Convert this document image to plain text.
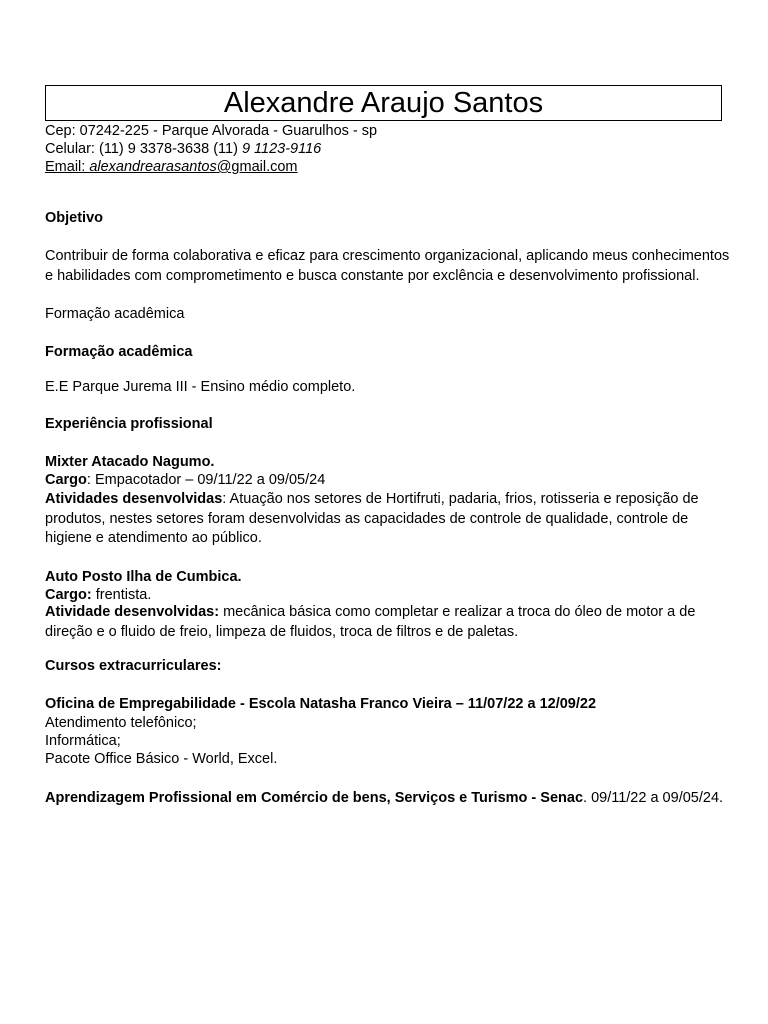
Alexandre Araujo Santos
Cep: 07242-225 - Parque Alvorada - Guarulhos - sp
Celular: (11) 9 3378-3638 (11) 9 1123-9116
Email: alexandrearasantos@gmail.com
Objetivo
Contribuir de forma colaborativa e eficaz para crescimento organizacional, aplicando meus conhecimentos e habilidades com comprometimento e busca constante por exclência e desenvolvimento profissional.
Formação acadêmica
Formação acadêmica
E.E Parque Jurema III - Ensino médio completo.
Experiência profissional
Mixter Atacado Nagumo.
Cargo: Empacotador – 09/11/22 a 09/05/24
Atividades desenvolvidas: Atuação nos setores de Hortifruti, padaria, frios, rotisseria e reposição de produtos, nestes setores foram desenvolvidas as capacidades de controle de qualidade, controle de higiene e atendimento ao público.
Auto Posto Ilha de Cumbica.
Cargo: frentista.
Atividade desenvolvidas: mecânica básica como completar e realizar a troca do óleo de motor a de direção e o fluido de freio, limpeza de fluidos, troca de filtros e de paletas.
Cursos extracurriculares:
Oficina de Empregabilidade - Escola Natasha Franco Vieira – 11/07/22 a 12/09/22
Atendimento telefônico;
Informática;
Pacote Office Básico - World, Excel.
Aprendizagem Profissional em Comércio de bens, Serviços e Turismo - Senac. 09/11/22 a 09/05/24.
